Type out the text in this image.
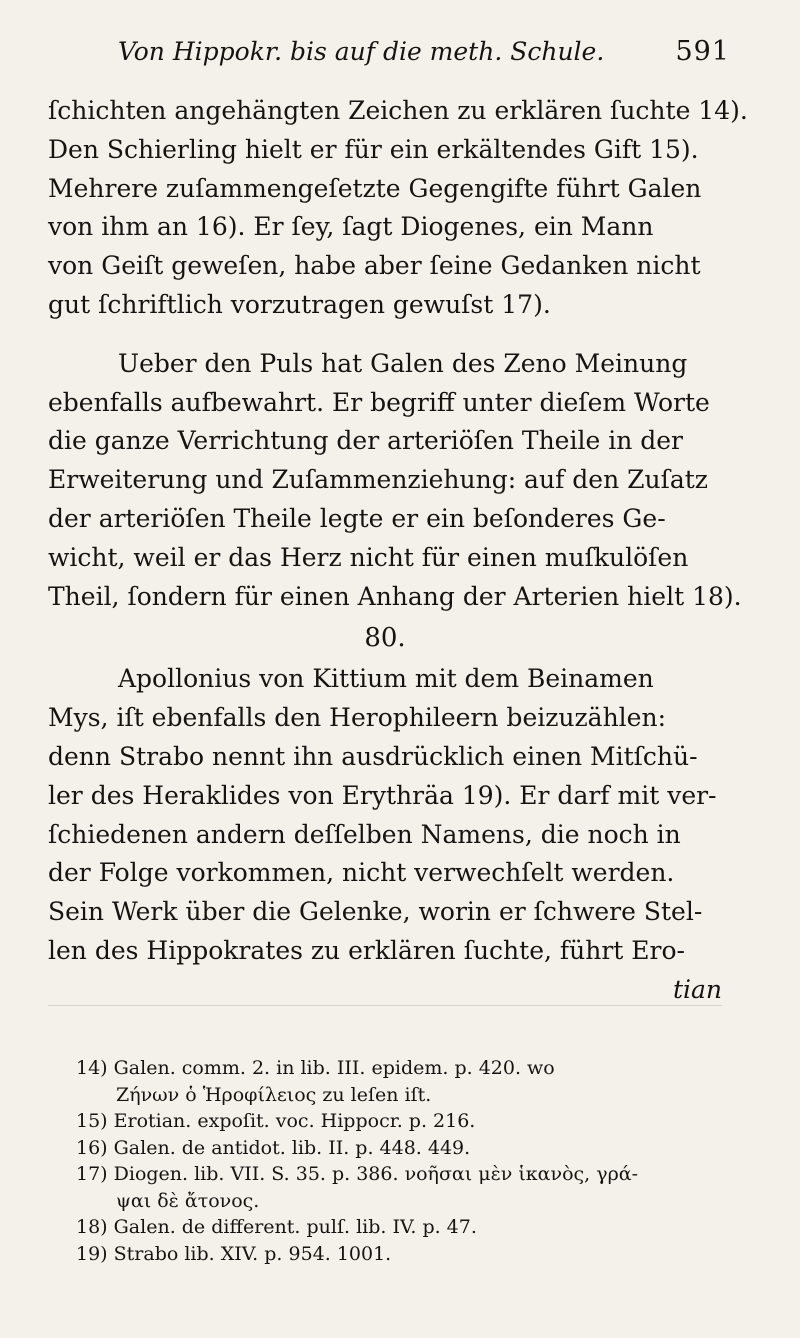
Von Hippokr. bis auf die meth. Schule.	591
ſchichten angehängten Zeichen zu erklären ſuchte 14).
Den Schierling hielt er für ein erkältendes Gift 15).
Mehrere zuſammengeſetzte Gegengifte führt Galen
von ihm an 16). Er ſey, ſagt Diogenes, ein Mann
von Geiſt geweſen, habe aber ſeine Gedanken nicht
gut ſchriftlich vorzutragen gewuſst 17).
Ueber den Puls hat Galen des Zeno Meinung
ebenfalls aufbewahrt. Er begriff unter dieſem Worte
die ganze Verrichtung der arteriöſen Theile in der
Erweiterung und Zuſammenziehung: auf den Zuſatz
der arteriöſen Theile legte er ein beſonderes Ge-
wicht, weil er das Herz nicht für einen muſkulöſen
Theil, ſondern für einen Anhang der Arterien hielt 18).
80.
Apollonius von Kittium mit dem Beinamen
Mys, iſt ebenfalls den Herophileern beizuzählen:
denn Strabo nennt ihn ausdrücklich einen Mitſchü-
ler des Heraklides von Erythräa 19). Er darf mit ver-
ſchiedenen andern deſſelben Namens, die noch in
der Folge vorkommen, nicht verwechſelt werden.
Sein Werk über die Gelenke, worin er ſchwere Stel-
len des Hippokrates zu erklären ſuchte, führt Ero-
tian
14) Galen. comm. 2. in lib. III. epidem. p. 420. wo
Ζήνων ὁ Ἡροφίλειος zu leſen iſt.
15) Erotian. expoſit. voc. Hippocr. p. 216.
16) Galen. de antidot. lib. II. p. 448. 449.
17) Diogen. lib. VII. S. 35. p. 386. νοῆσαι μὲν ἱκανὸς, γρά-
ψαι δὲ ἄτονος.
18) Galen. de different. pulſ. lib. IV. p. 47.
19) Strabo lib. XIV. p. 954. 1001.
